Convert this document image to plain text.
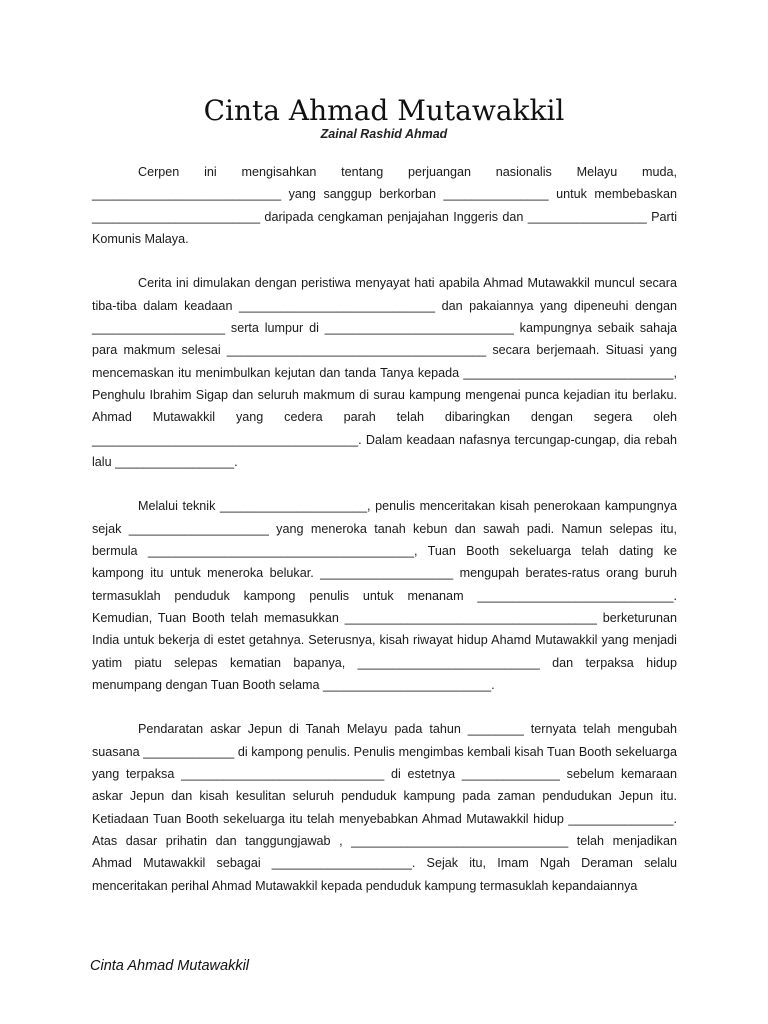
Cinta Ahmad Mutawakkil
Zainal Rashid Ahmad

Cerpen ini mengisahkan tentang perjuangan nasionalis Melayu muda, ___________________________ yang sanggup berkorban _______________ untuk membebaskan ________________________ daripada cengkaman penjajahan Inggeris dan _________________ Parti Komunis Malaya.

Cerita ini dimulakan dengan peristiwa menyayat hati apabila Ahmad Mutawakkil muncul secara tiba-tiba dalam keadaan ____________________________ dan pakaiannya yang dipeneuhi dengan ___________________ serta lumpur di ___________________________ kampungnya sebaik sahaja para makmum selesai _____________________________________ secara berjemaah. Situasi yang mencemaskan itu menimbulkan kejutan dan tanda Tanya kepada ______________________________, Penghulu Ibrahim Sigap dan seluruh makmum di surau kampung mengenai punca kejadian itu berlaku. Ahmad Mutawakkil yang cedera parah telah dibaringkan dengan segera oleh ______________________________________. Dalam keadaan nafasnya tercungap-cungap, dia rebah lalu _________________.

Melalui teknik _____________________, penulis menceritakan kisah penerokaan kampungnya sejak ____________________ yang meneroka tanah kebun dan sawah padi. Namun selepas itu, bermula ______________________________________, Tuan Booth sekeluarga telah dating ke kampong itu untuk meneroka belukar. ___________________ mengupah berates-ratus orang buruh termasuklah penduduk kampong penulis untuk menanam ____________________________. Kemudian, Tuan Booth telah memasukkan ____________________________________ berketurunan India untuk bekerja di estet getahnya. Seterusnya, kisah riwayat hidup Ahamd Mutawakkil yang menjadi yatim piatu selepas kematian bapanya, __________________________ dan terpaksa hidup menumpang dengan Tuan Booth selama ________________________.

Pendaratan askar Jepun di Tanah Melayu pada tahun ________ ternyata telah mengubah suasana _____________ di kampong penulis. Penulis mengimbas kembali kisah Tuan Booth sekeluarga yang terpaksa _____________________________ di estetnya ______________ sebelum kemaraan askar Jepun dan kisah kesulitan seluruh penduduk kampung pada zaman pendudukan Jepun itu. Ketiadaan Tuan Booth sekeluarga itu telah menyebabkan Ahmad Mutawakkil hidup _______________. Atas dasar prihatin dan tanggungjawab , _______________________________ telah menjadikan Ahmad Mutawakkil sebagai ____________________. Sejak itu, Imam Ngah Deraman selalu menceritakan perihal Ahmad Mutawakkil kepada penduduk kampung termasuklah kepandaiannya

Cinta Ahmad Mutawakkil
